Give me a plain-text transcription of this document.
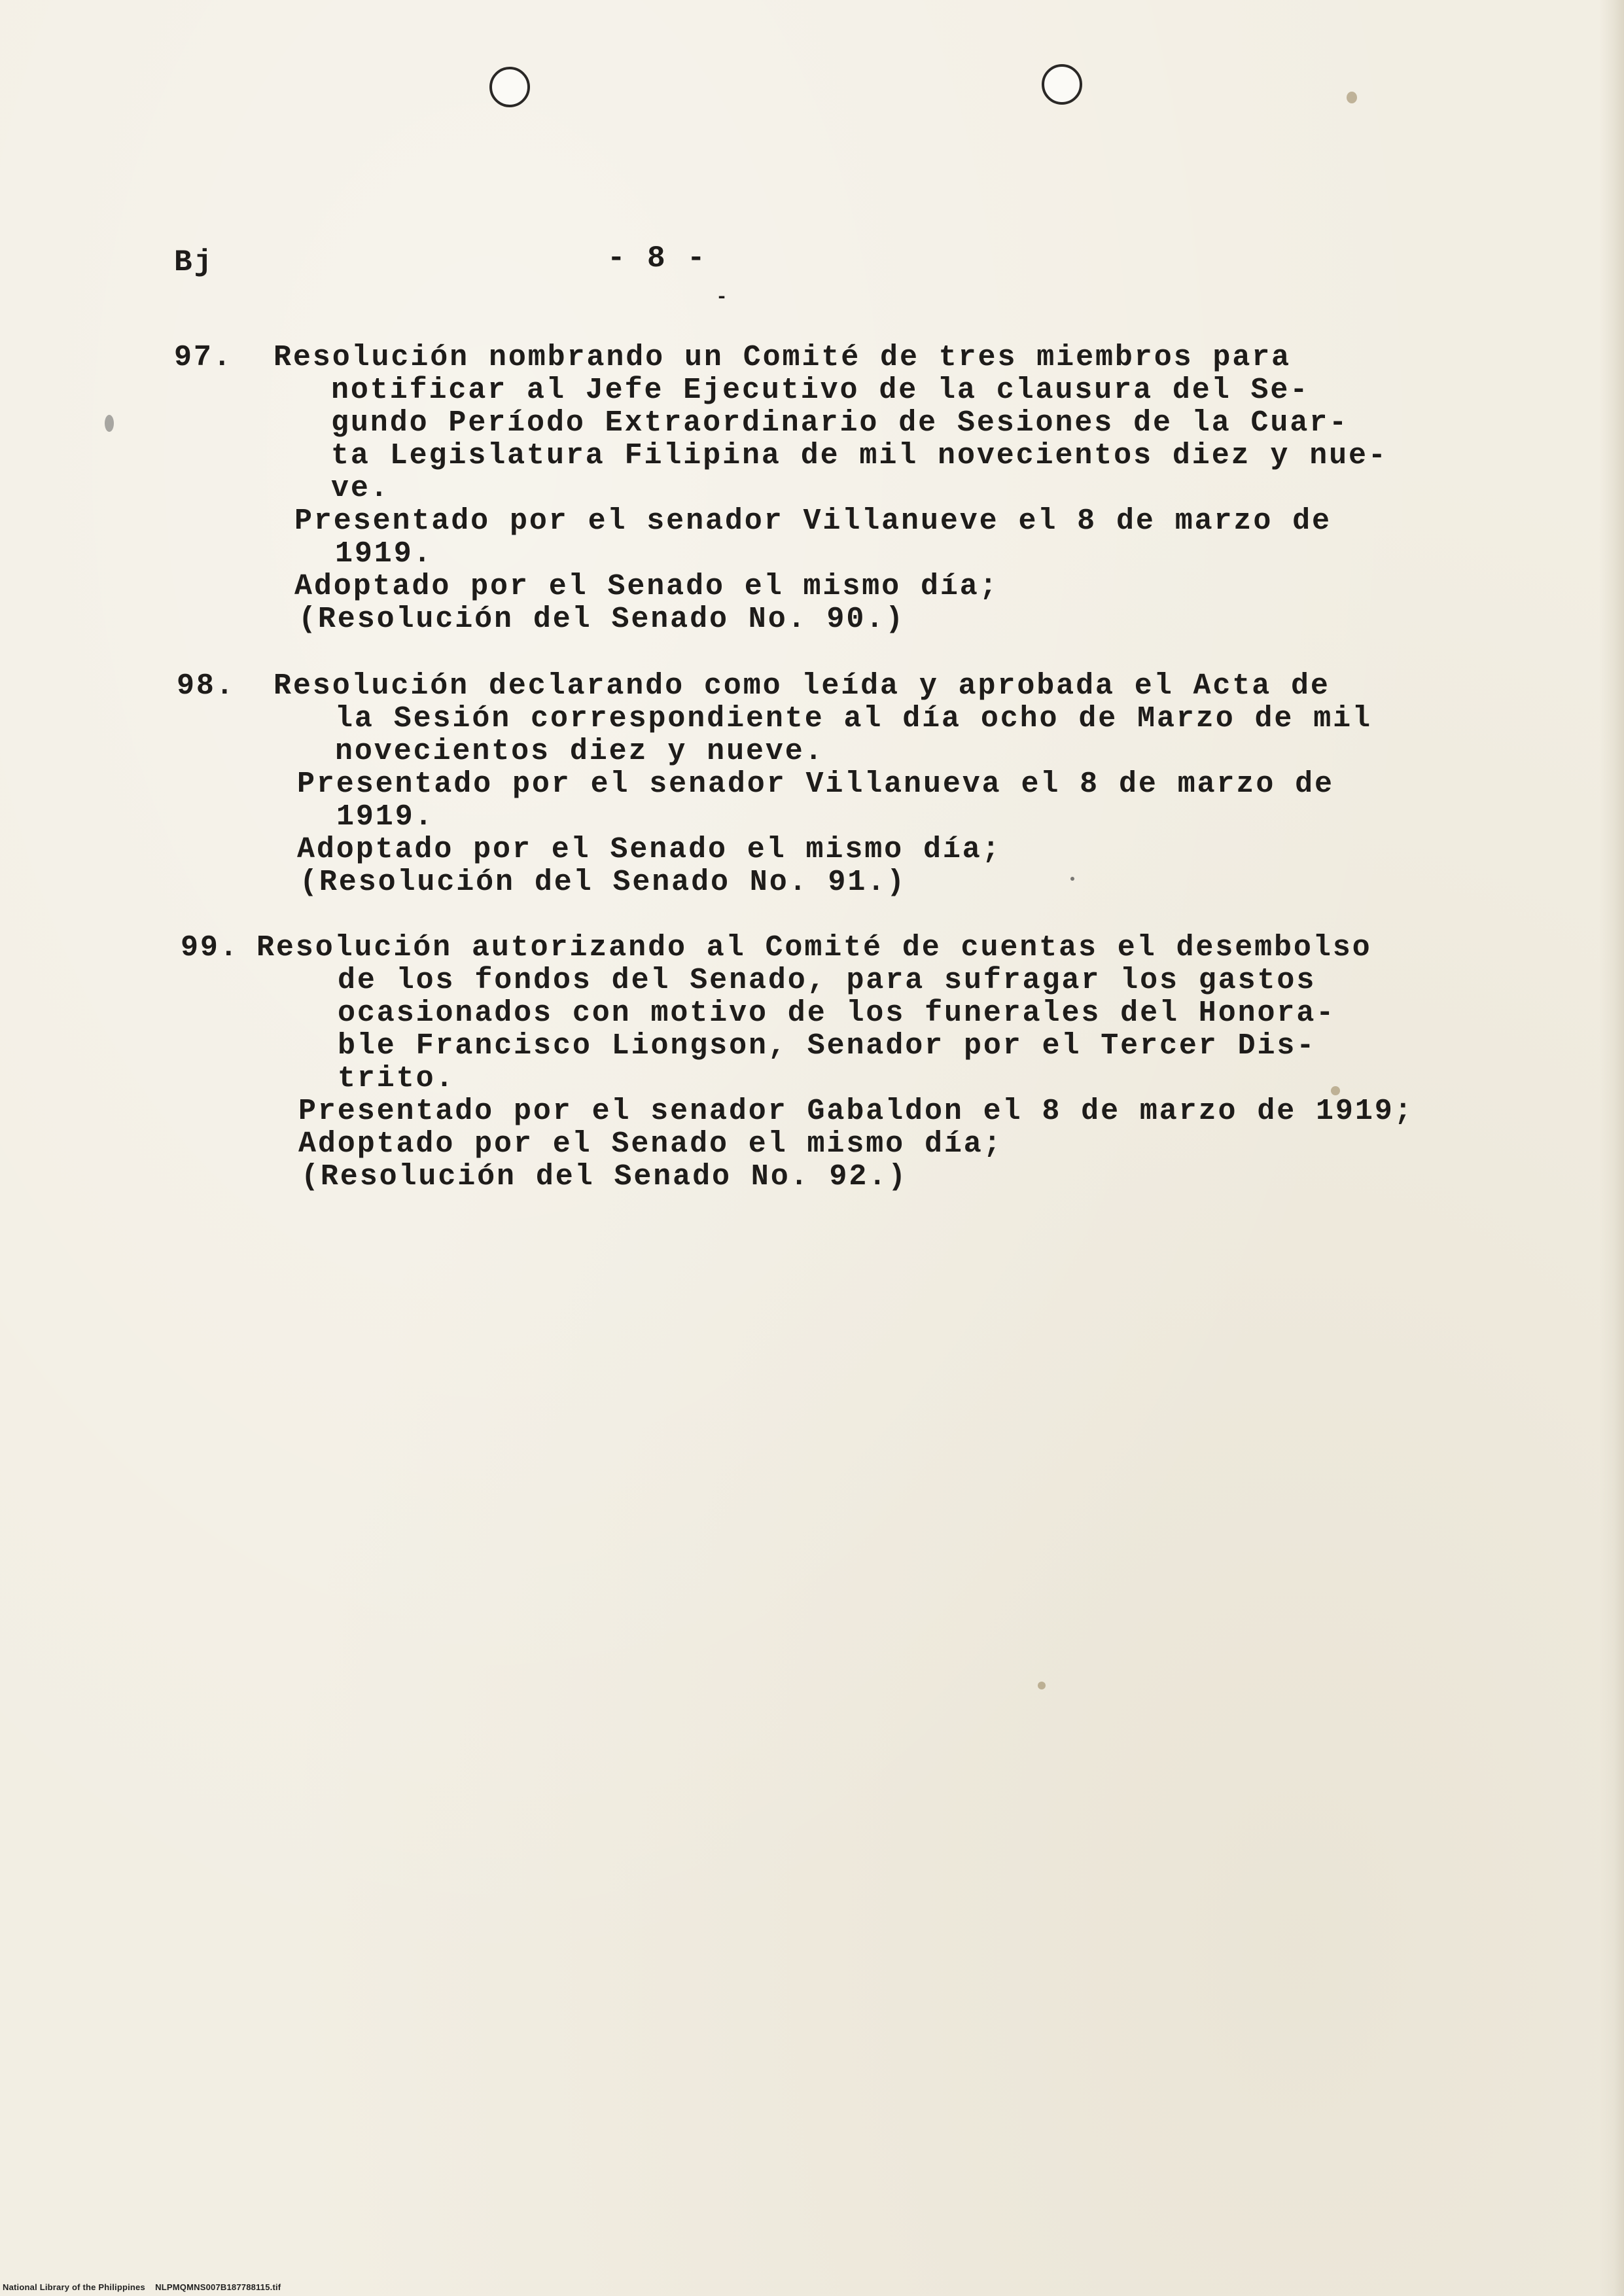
Bj	- 8 -
-
97. Resolución nombrando un Comité de tres miembros para
notificar al Jefe Ejecutivo de la clausura del Se-
gundo Período Extraordinario de Sesiones de la Cuar-
ta Legislatura Filipina de mil novecientos diez y nue-
ve.
Presentado por el senador Villanueve el 8 de marzo de
1919.
Adoptado por el Senado el mismo día;
(Resolución del Senado No. 90.)
98. Resolución declarando como leída y aprobada el Acta de
la Sesión correspondiente al día ocho de Marzo de mil
novecientos diez y nueve.
Presentado por el senador Villanueva el 8 de marzo de
1919.
Adoptado por el Senado el mismo día;
(Resolución del Senado No. 91.)
99. Resolución autorizando al Comité de cuentas el desembolso
de los fondos del Senado, para sufragar los gastos
ocasionados con motivo de los funerales del Honora-
ble Francisco Liongson, Senador por el Tercer Dis-
trito.
Presentado por el senador Gabaldon el 8 de marzo de 1919;
Adoptado por el Senado el mismo día;
(Resolución del Senado No. 92.)
National Library of the Philippines NLPMQMNS007B187788115.tif
